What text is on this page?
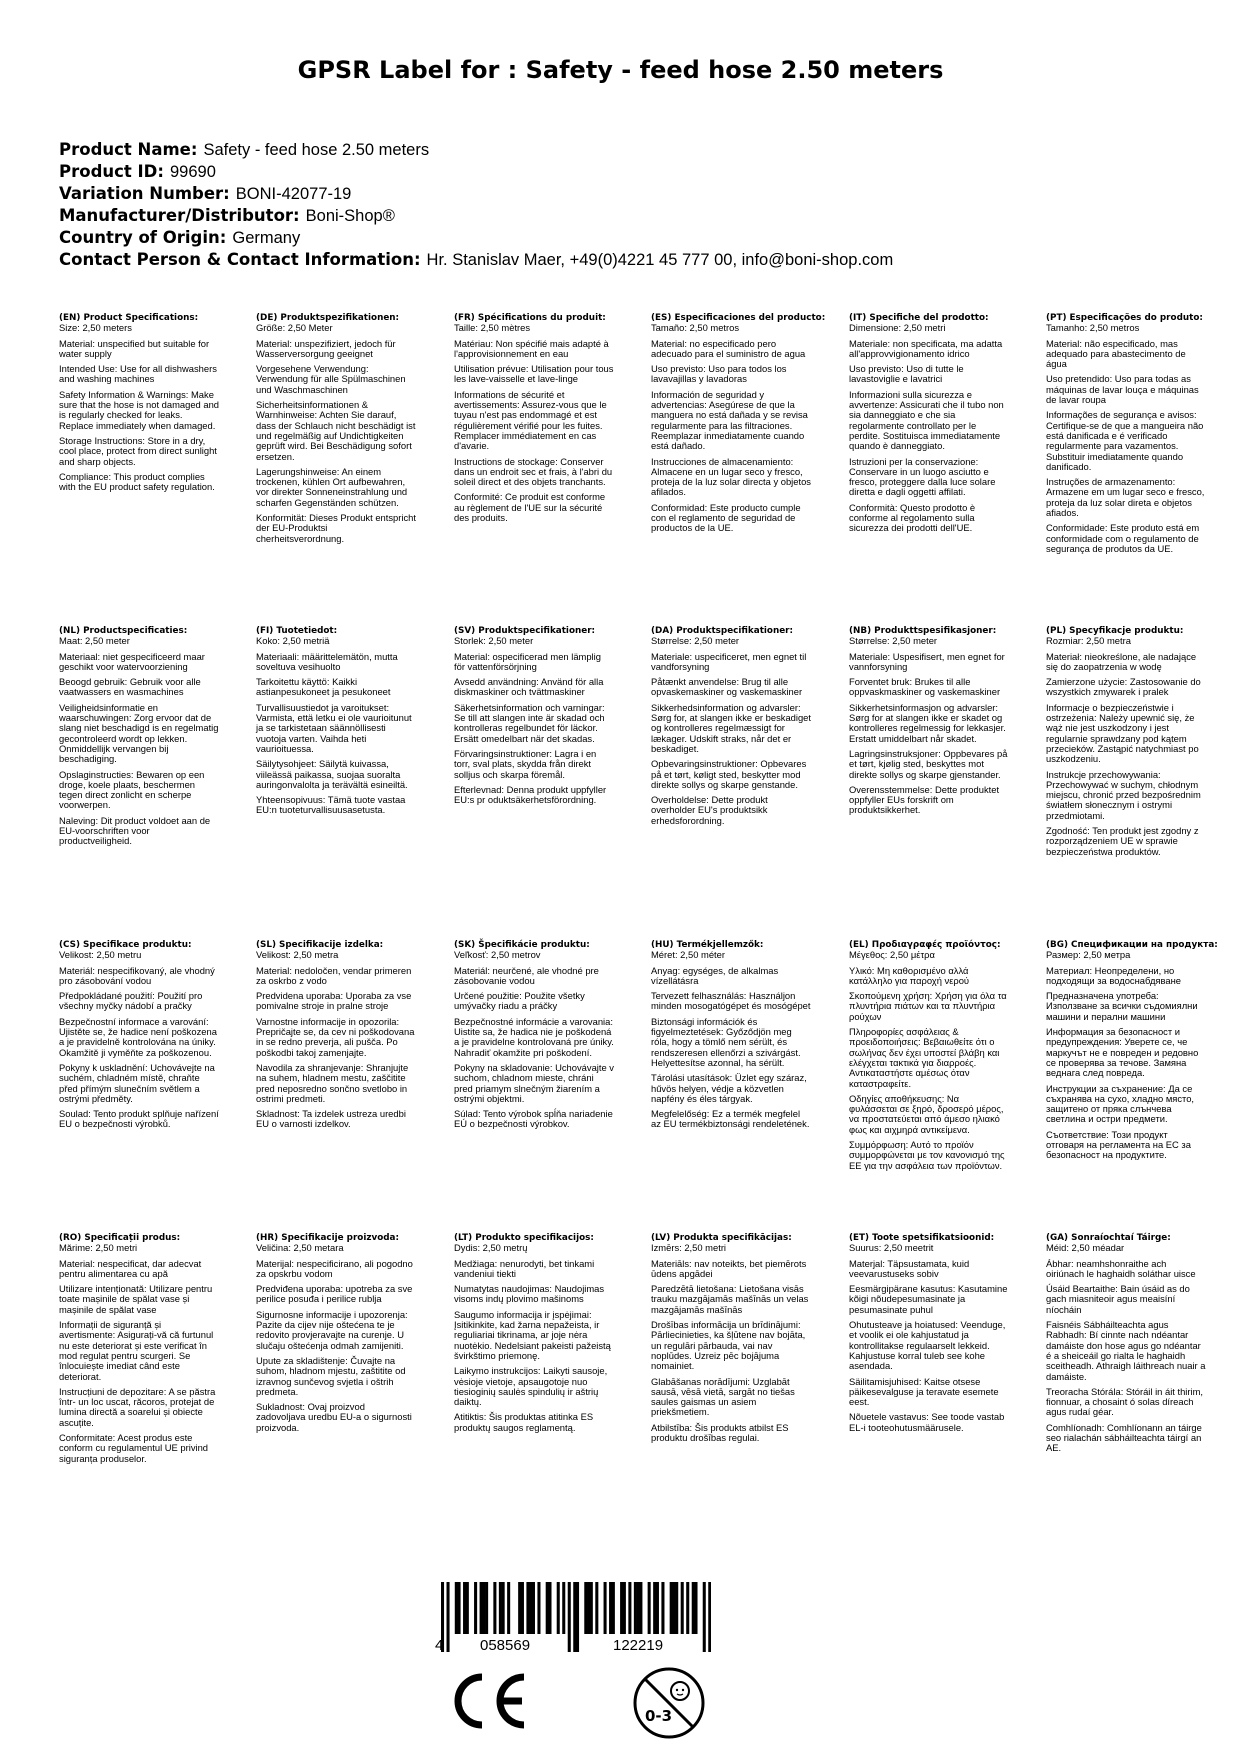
GPSR Label for : Safety - feed hose 2.50 meters
Product Name: Safety - feed hose 2.50 meters
Product ID: 99690
Variation Number: BONI-42077-19
Manufacturer/Distributor: Boni-Shop®
Country of Origin: Germany
Contact Person & Contact Information: Hr. Stanislav Maer, +49(0)4221 45 777 00, info@boni-shop.com
(EN) Product Specifications:
Size: 2,50 meters
Material: unspecified but suitable for water supply
Intended Use: Use for all dishwashers and washing machines
Safety Information & Warnings: Make sure that the hose is not damaged and is regularly checked for leaks. Replace immediately when damaged.
Storage Instructions: Store in a dry, cool place, protect from direct sunlight and sharp objects.
Compliance: This product complies with the EU product safety regulation.
(DE) Produktspezifikationen:
Größe: 2,50 Meter
Material: unspezifiziert, jedoch für Wasserversorgung geeignet
Vorgesehene Verwendung: Verwendung für alle Spülmaschinen und Waschmaschinen
Sicherheitsinformationen & Warnhinweise: Achten Sie darauf, dass der Schlauch nicht beschädigt ist und regelmäßig auf Undichtigkeiten geprüft wird. Bei Beschädigung sofort ersetzen.
Lagerungshinweise: An einem trockenen, kühlen Ort aufbewahren, vor direkter Sonneneinstrahlung und scharfen Gegenständen schützen.
Konformität: Dieses Produkt entspricht der EU-Produktsi cherheitsverordnung.
(FR) Spécifications du produit:
Taille: 2,50 mètres
Matériau: Non spécifié mais adapté à l'approvisionnement en eau
Utilisation prévue: Utilisation pour tous les lave-vaisselle et lave-linge
Informations de sécurité et avertissements: Assurez-vous que le tuyau n'est pas endommagé et est régulièrement vérifié pour les fuites. Remplacer immédiatement en cas d'avarie.
Instructions de stockage: Conserver dans un endroit sec et frais, à l'abri du soleil direct et des objets tranchants.
Conformité: Ce produit est conforme au règlement de l'UE sur la sécurité des produits.
(ES) Especificaciones del producto:
Tamaño: 2,50 metros
Material: no especificado pero adecuado para el suministro de agua
Uso previsto: Uso para todos los lavavajillas y lavadoras
Información de seguridad y advertencias: Asegúrese de que la manguera no está dañada y se revisa regularmente para las filtraciones. Reemplazar inmediatamente cuando está dañado.
Instrucciones de almacenamiento: Almacene en un lugar seco y fresco, proteja de la luz solar directa y objetos afilados.
Conformidad: Este producto cumple con el reglamento de seguridad de productos de la UE.
(IT) Specifiche del prodotto:
Dimensione: 2,50 metri
Materiale: non specificata, ma adatta all'approvvigionamento idrico
Uso previsto: Uso di tutte le lavastoviglie e lavatrici
Informazioni sulla sicurezza e avvertenze: Assicurati che il tubo non sia danneggiato e che sia regolarmente controllato per le perdite. Sostituisca immediatamente quando è danneggiato.
Istruzioni per la conservazione: Conservare in un luogo asciutto e fresco, proteggere dalla luce solare diretta e dagli oggetti affilati.
Conformità: Questo prodotto è conforme al regolamento sulla sicurezza dei prodotti dell'UE.
(PT) Especificações do produto:
Tamanho: 2,50 metros
Material: não especificado, mas adequado para abastecimento de água
Uso pretendido: Uso para todas as máquinas de lavar louça e máquinas de lavar roupa
Informações de segurança e avisos: Certifique-se de que a mangueira não está danificada e é verificado regularmente para vazamentos. Substituir imediatamente quando danificado.
Instruções de armazenamento: Armazene em um lugar seco e fresco, proteja da luz solar direta e objetos afiados.
Conformidade: Este produto está em conformidade com o regulamento de segurança de produtos da UE.
(NL) Productspecificaties:
Maat: 2,50 meter
Materiaal: niet gespecificeerd maar geschikt voor watervoorziening
Beoogd gebruik: Gebruik voor alle vaatwassers en wasmachines
Veiligheidsinformatie en waarschuwingen: Zorg ervoor dat de slang niet beschadigd is en regelmatig gecontroleerd wordt op lekken. Onmiddellijk vervangen bij beschadiging.
Opslaginstructies: Bewaren op een droge, koele plaats, beschermen tegen direct zonlicht en scherpe voorwerpen.
Naleving: Dit product voldoet aan de EU-voorschriften voor productveiligheid.
(FI) Tuotetiedot:
Koko: 2,50 metriä
Materiaali: määrittelemätön, mutta soveltuva vesihuolto
Tarkoitettu käyttö: Kaikki astianpesukoneet ja pesukoneet
Turvallisuustiedot ja varoitukset: Varmista, että letku ei ole vaurioitunut ja se tarkistetaan säännöllisesti vuotoja varten. Vaihda heti vaurioituessa.
Säilytysohjeet: Säilytä kuivassa, viileässä paikassa, suojaa suoralta auringonvalolta ja terävältä esineiltä.
Yhteensopivuus: Tämä tuote vastaa EU:n tuoteturvallisuusasetusta.
(SV) Produktspecifikationer:
Storlek: 2,50 meter
Material: ospecificerad men lämplig för vattenförsörjning
Avsedd användning: Använd för alla diskmaskiner och tvättmaskiner
Säkerhetsinformation och varningar: Se till att slangen inte är skadad och kontrolleras regelbundet för läckor. Ersätt omedelbart när det skadas.
Förvaringsinstruktioner: Lagra i en torr, sval plats, skydda från direkt solljus och skarpa föremål.
Efterlevnad: Denna produkt uppfyller EU:s pr oduktsäkerhetsförordning.
(DA) Produktspecifikationer:
Størrelse: 2,50 meter
Materiale: uspecificeret, men egnet til vandforsyning
Påtænkt anvendelse: Brug til alle opvaskemaskiner og vaskemaskiner
Sikkerhedsinformation og advarsler: Sørg for, at slangen ikke er beskadiget og kontrolleres regelmæssigt for lækager. Udskift straks, når det er beskadiget.
Opbevaringsinstruktioner: Opbevares på et tørt, køligt sted, beskytter mod direkte sollys og skarpe genstande.
Overholdelse: Dette produkt overholder EU's produktsikk erhedsforordning.
(NB) Produkttspesifikasjoner:
Størrelse: 2,50 meter
Materiale: Uspesifisert, men egnet for vannforsyning
Forventet bruk: Brukes til alle oppvaskmaskiner og vaskemaskiner
Sikkerhetsinformasjon og advarsler: Sørg for at slangen ikke er skadet og kontrolleres regelmessig for lekkasjer. Erstatt umiddelbart når skadet.
Lagringsinstruksjoner: Oppbevares på et tørt, kjølig sted, beskyttes mot direkte sollys og skarpe gjenstander.
Overensstemmelse: Dette produktet oppfyller EUs forskrift om produktsikkerhet.
(PL) Specyfikacje produktu:
Rozmiar: 2,50 metra
Materiał: nieokreślone, ale nadające się do zaopatrzenia w wodę
Zamierzone użycie: Zastosowanie do wszystkich zmywarek i pralek
Informacje o bezpieczeństwie i ostrzeżenia: Należy upewnić się, że wąż nie jest uszkodzony i jest regularnie sprawdzany pod kątem przecieków. Zastąpić natychmiast po uszkodzeniu.
Instrukcje przechowywania: Przechowywać w suchym, chłodnym miejscu, chronić przed bezpośrednim światłem słonecznym i ostrymi przedmiotami.
Zgodność: Ten produkt jest zgodny z rozporządzeniem UE w sprawie bezpieczeństwa produktów.
(CS) Specifikace produktu:
Velikost: 2,50 metru
Materiál: nespecifikovaný, ale vhodný pro zásobování vodou
Předpokládané použití: Použití pro všechny myčky nádobí a pračky
Bezpečnostní informace a varování: Ujistěte se, že hadice není poškozena a je pravidelně kontrolována na úniky. Okamžitě ji vyměňte za poškozenou.
Pokyny k uskladnění: Uchovávejte na suchém, chladném místě, chraňte před přímým slunečním světlem a ostrými předměty.
Soulad: Tento produkt splňuje nařízení EU o bezpečnosti výrobků.
(SL) Specifikacije izdelka:
Velikost: 2,50 metra
Material: nedoločen, vendar primeren za oskrbo z vodo
Predvidena uporaba: Uporaba za vse pomivalne stroje in pralne stroje
Varnostne informacije in opozorila: Prepričajte se, da cev ni poškodovana in se redno preverja, ali pušča. Po poškodbi takoj zamenjajte.
Navodila za shranjevanje: Shranjujte na suhem, hladnem mestu, zaščitite pred neposredno sončno svetlobo in ostrimi predmeti.
Skladnost: Ta izdelek ustreza uredbi EU o varnosti izdelkov.
(SK) Špecifikácie produktu:
Veľkosť: 2,50 metrov
Materiál: neurčené, ale vhodné pre zásobovanie vodou
Určené použitie: Použite všetky umývačky riadu a práčky
Bezpečnostné informácie a varovania: Uistite sa, že hadica nie je poškodená a je pravidelne kontrolovaná pre úniky. Nahradiť okamžite pri poškodení.
Pokyny na skladovanie: Uchovávajte v suchom, chladnom mieste, chráni pred priamym slnečným žiarením a ostrými objektmi.
Súlad: Tento výrobok spĺňa nariadenie EÚ o bezpečnosti výrobkov.
(HU) Termékjellemzők:
Méret: 2,50 méter
Anyag: egységes, de alkalmas vízellátásra
Tervezett felhasználás: Használjon minden mosogatógépet és mosógépet
Biztonsági információk és figyelmeztetések: Győződjön meg róla, hogy a tömlő nem sérült, és rendszeresen ellenőrzi a szivárgást. Helyettesítse azonnal, ha sérült.
Tárolási utasítások: Üzlet egy száraz, hűvös helyen, védje a közvetlen napfény és éles tárgyak.
Megfelelőség: Ez a termék megfelel az EU termékbiztonsági rendeletének.
(EL) Προδιαγραφές προϊόντος:
Μέγεθος: 2,50 μέτρα
Υλικό: Μη καθορισμένο αλλά κατάλληλο για παροχή νερού
Σκοπούμενη χρήση: Χρήση για όλα τα πλυντήρια πιάτων και τα πλυντήρια ρούχων
Πληροφορίες ασφάλειας & προειδοποιήσεις: Βεβαιωθείτε ότι ο σωλήνας δεν έχει υποστεί βλάβη και ελέγχεται τακτικά για διαρροές. Αντικαταστήστε αμέσως όταν καταστραφείτε.
Οδηγίες αποθήκευσης: Να φυλάσσεται σε ξηρό, δροσερό μέρος, να προστατεύεται από άμεσο ηλιακό φως και αιχμηρά αντικείμενα.
Συμμόρφωση: Αυτό το προϊόν συμμορφώνεται με τον κανονισμό της ΕΕ για την ασφάλεια των προϊόντων.
(BG) Спецификации на продукта:
Размер: 2,50 метра
Материал: Неопределени, но подходящи за водоснабдяване
Предназначена употреба: Използване за всички съдомиялни машини и перални машини
Информация за безопасност и предупреждения: Уверете се, че маркучът не е повреден и редовно се проверява за течове. Замяна веднага след повреда.
Инструкции за съхранение: Да се съхранява на сухо, хладно място, защитено от пряка слънчева светлина и остри предмети.
Съответствие: Този продукт отговаря на регламента на ЕС за безопасност на продуктите.
(RO) Specificații produs:
Mărime: 2,50 metri
Material: nespecificat, dar adecvat pentru alimentarea cu apă
Utilizare intenționată: Utilizare pentru toate mașinile de spălat vase și mașinile de spălat vase
Informații de siguranță și avertismente: Asigurați-vă că furtunul nu este deteriorat și este verificat în mod regulat pentru scurgeri. Se înlocuiește imediat când este deteriorat.
Instrucțiuni de depozitare: A se păstra într- un loc uscat, răcoros, protejat de lumina directă a soarelui și obiecte ascuțite.
Conformitate: Acest produs este conform cu regulamentul UE privind siguranța produselor.
(HR) Specifikacije proizvoda:
Veličina: 2,50 metara
Materijal: nespecificirano, ali pogodno za opskrbu vodom
Predviđena uporaba: upotreba za sve perilice posuđa i perilice rublja
Sigurnosne informacije i upozorenja: Pazite da cijev nije oštećena te je redovito provjeravajte na curenje. U slučaju oštećenja odmah zamijeniti.
Upute za skladištenje: Čuvajte na suhom, hladnom mjestu, zaštitite od izravnog sunčevog svjetla i oštrih predmeta.
Sukladnost: Ovaj proizvod zadovoljava uredbu EU-a o sigurnosti proizvoda.
(LT) Produkto specifikacijos:
Dydis: 2,50 metrų
Medžiaga: nenurodyti, bet tinkami vandeniui tiekti
Numatytas naudojimas: Naudojimas visoms indų plovimo mašinoms
Saugumo informacija ir įspėjimai: Įsitikinkite, kad žarna nepažeista, ir reguliariai tikrinama, ar joje nėra nuotėkio. Nedelsiant pakeisti pažeistą švirkštimo priemonę.
Laikymo instrukcijos: Laikyti sausoje, vėsioje vietoje, apsaugotoje nuo tiesioginių saulės spindulių ir aštrių daiktų.
Atitiktis: Šis produktas atitinka ES produktų saugos reglamentą.
(LV) Produkta specifikācijas:
Izmērs: 2,50 metri
Materiāls: nav noteikts, bet piemērots ūdens apgādei
Paredzētā lietošana: Lietošana visās trauku mazgājamās mašīnās un velas mazgājamās mašīnās
Drošības informācija un brīdinājumi: Pārliecinieties, ka šļūtene nav bojāta, un regulāri pārbauda, vai nav noplūdes. Uzreiz pēc bojājuma nomainiet.
Glabāšanas norādījumi: Uzglabāt sausā, vēsā vietā, sargāt no tiešas saules gaismas un asiem priekšmetiem.
Atbilstība: Šis produkts atbilst ES produktu drošības regulai.
(ET) Toote spetsifikatsioonid:
Suurus: 2,50 meetrit
Materjal: Täpsustamata, kuid veevarustuseks sobiv
Eesmärgipärane kasutus: Kasutamine kõigi nõudepesumasinate ja pesumasinate puhul
Ohutusteave ja hoiatused: Veenduge, et voolik ei ole kahjustatud ja kontrollitakse regulaarselt lekkeid. Kahjustuse korral tuleb see kohe asendada.
Säilitamisjuhised: Kaitse otsese päikesevalguse ja teravate esemete eest.
Nõuetele vastavus: See toode vastab EL-i tooteohutusmäärusele.
(GA) Sonraíochtaí Táirge:
Méid: 2,50 méadar
Ábhar: neamhshonraithe ach oiriúnach le haghaidh soláthar uisce
Úsáid Beartaithe: Bain úsáid as do gach miasniteoir agus meaisíní níocháin
Faisnéis Sábháilteachta agus Rabhadh: Bí cinnte nach ndéantar damáiste don hose agus go ndéantar é a sheiceáil go rialta le haghaidh sceitheadh. Athraigh láithreach nuair a damáiste.
Treoracha Stórála: Stóráil in áit thirim, fionnuar, a chosaint ó solas díreach agus rudaí géar.
Comhlíonadh: Comhlíonann an táirge seo rialachán sábháilteachta táirgí an AE.
4 058569	122219
0-3
